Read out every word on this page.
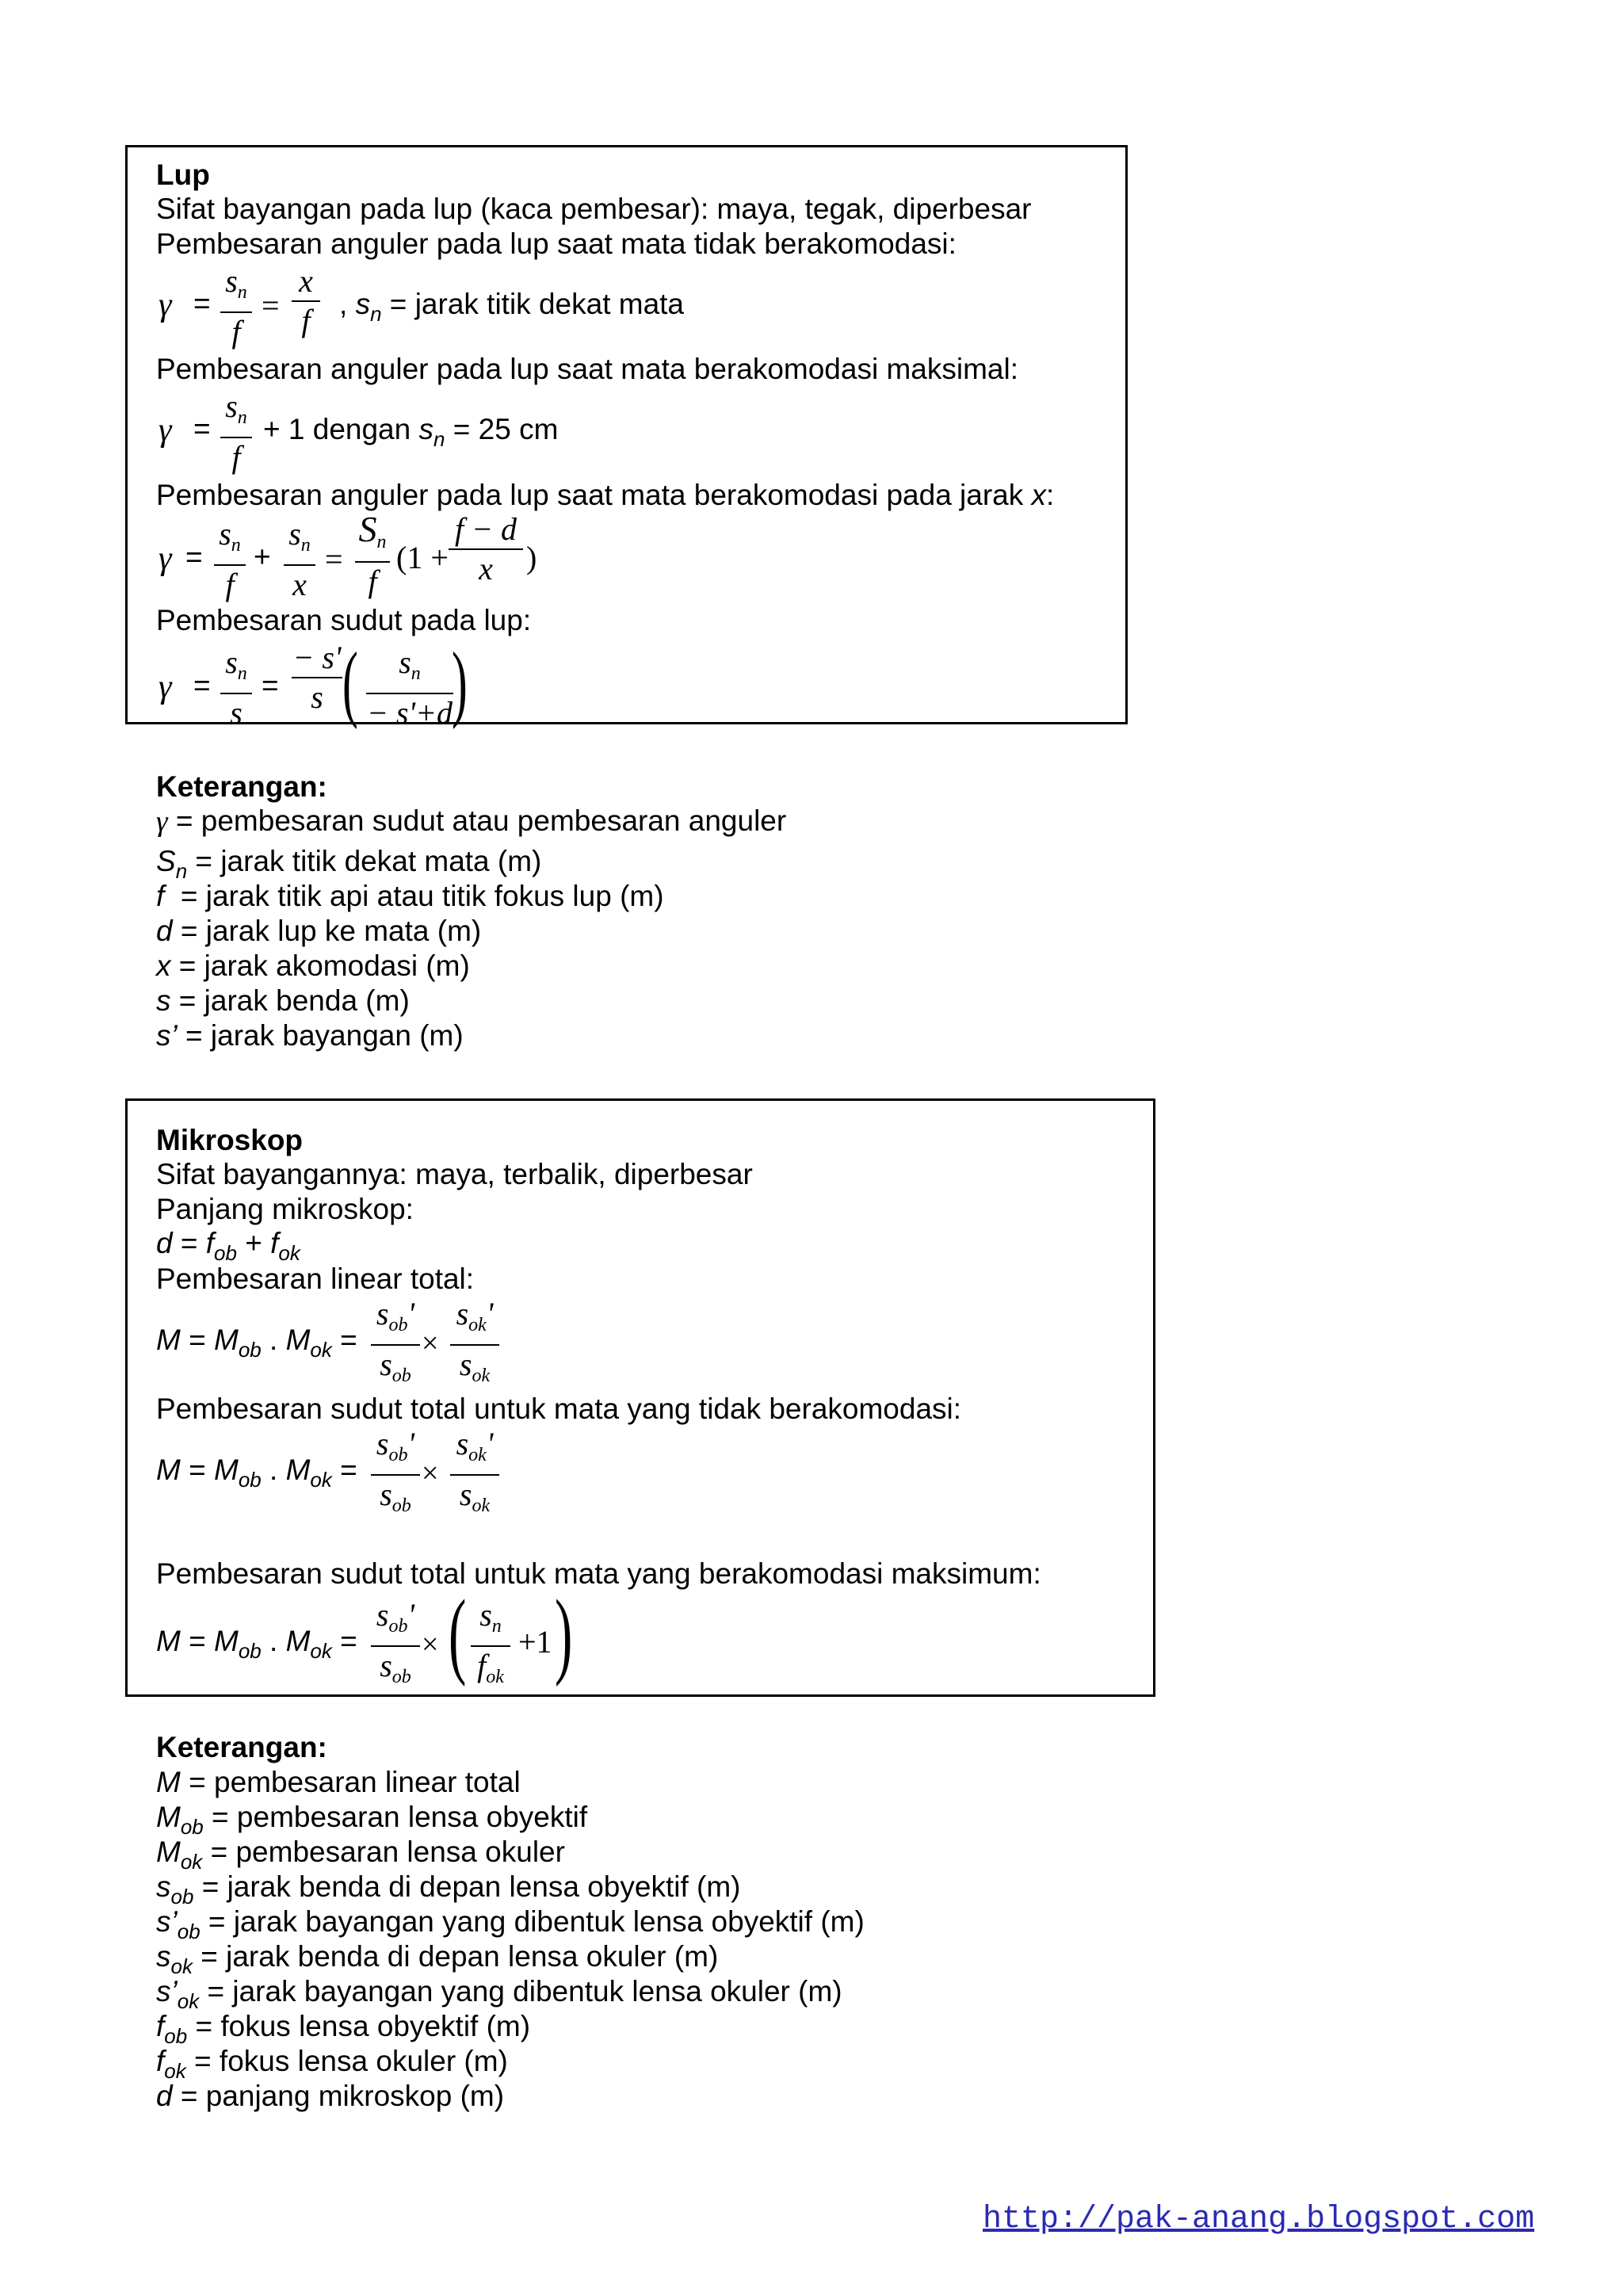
Lup
Sifat bayangan pada lup (kaca pembesar): maya, tegak, diperbesar
Pembesaran anguler pada lup saat mata tidak berakomodasi:
γ =
$s_n$
f
=
x
f , $s_n$ = jarak titik dekat mata
Pembesaran anguler pada lup saat mata berakomodasi maksimal:
γ =
$s_n$
f
+ 1 dengan $s_n = 25$ cm
Pembesaran anguler pada lup saat mata berakomodasi pada jarak x:
γ =
$s_n$
f
+
$s_n$
x
=
$S_n$
f
(1 +
f − d
x	)
Pembesaran sudut pada lup:
γ =
$s_n$
s
=
− s'
s (	$s_n$
− s'+d
)
Keterangan:
γ = pembesaran sudut atau pembesaran anguler
$S_n$ = jarak titik dekat mata (m)
f  = jarak titik api atau titik fokus lup (m)
d = jarak lup ke mata (m)
x = jarak akomodasi (m)
s = jarak benda (m)
s’ = jarak bayangan (m)
Mikroskop
Sifat bayangannya: maya, terbalik, diperbesar
Panjang mikroskop:
$d = f_{ob} + f_{ok}$
Pembesaran linear total:
$M = M_{ob}$ . $M_{ok}$ =
$s_{ob}'$
$s_{ob}$
×
$s_{ok}'$
$s_{ok}$
Pembesaran sudut total untuk mata yang tidak berakomodasi:
$M = M_{ob}$ . $M_{ok}$ =
$s_{ob}'$
$s_{ob}$
×
$s_{ok}'$
$s_{ok}$
Pembesaran sudut total untuk mata yang berakomodasi maksimum:
$M = M_{ob}$ . $M_{ok}$ =
$s_{ob}'$
$s_{ob}$
× ( $s_n$
$f_{ok}$
+1 )
Keterangan:
M = pembesaran linear total
$M_{ob}$ = pembesaran lensa obyektif
$M_{ok}$ = pembesaran lensa okuler
$s_{ob}$ = jarak benda di depan lensa obyektif (m)
$s’_{ob}$ = jarak bayangan yang dibentuk lensa obyektif (m)
$s_{ok}$ = jarak benda di depan lensa okuler (m)
$s’_{ok}$ = jarak bayangan yang dibentuk lensa okuler (m)
$f_{ob}$ = fokus lensa obyektif (m)
$f_{ok}$ = fokus lensa okuler (m)
d = panjang mikroskop (m)
http://pak-anang.blogspot.com
